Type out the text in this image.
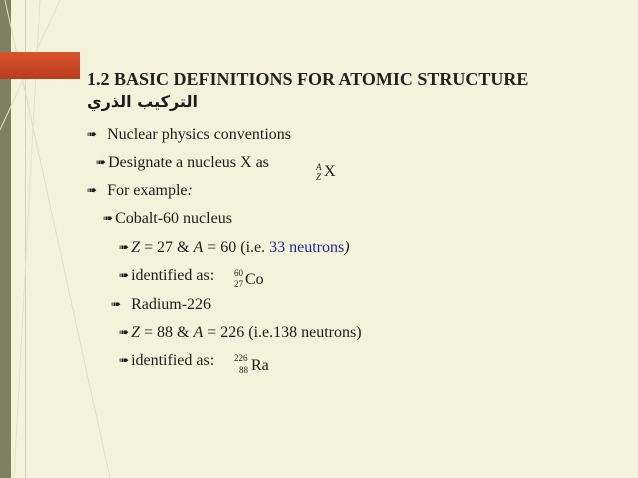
1.2 BASIC DEFINITIONS FOR ATOMIC STRUCTURE
التركيب الذري
➠ Nuclear physics conventions
➠ Designate a nucleus X as	A
Z X
➠ For example:
➠ Cobalt-60 nucleus
➠ Z = 27 & A = 60 (i.e. 33 neutrons)
➠ identified as: 60
27 Co
➠ Radium-226
➠ Z = 88 & A = 226 (i.e.138 neutrons)
➠ identified as: 226
88 Ra
